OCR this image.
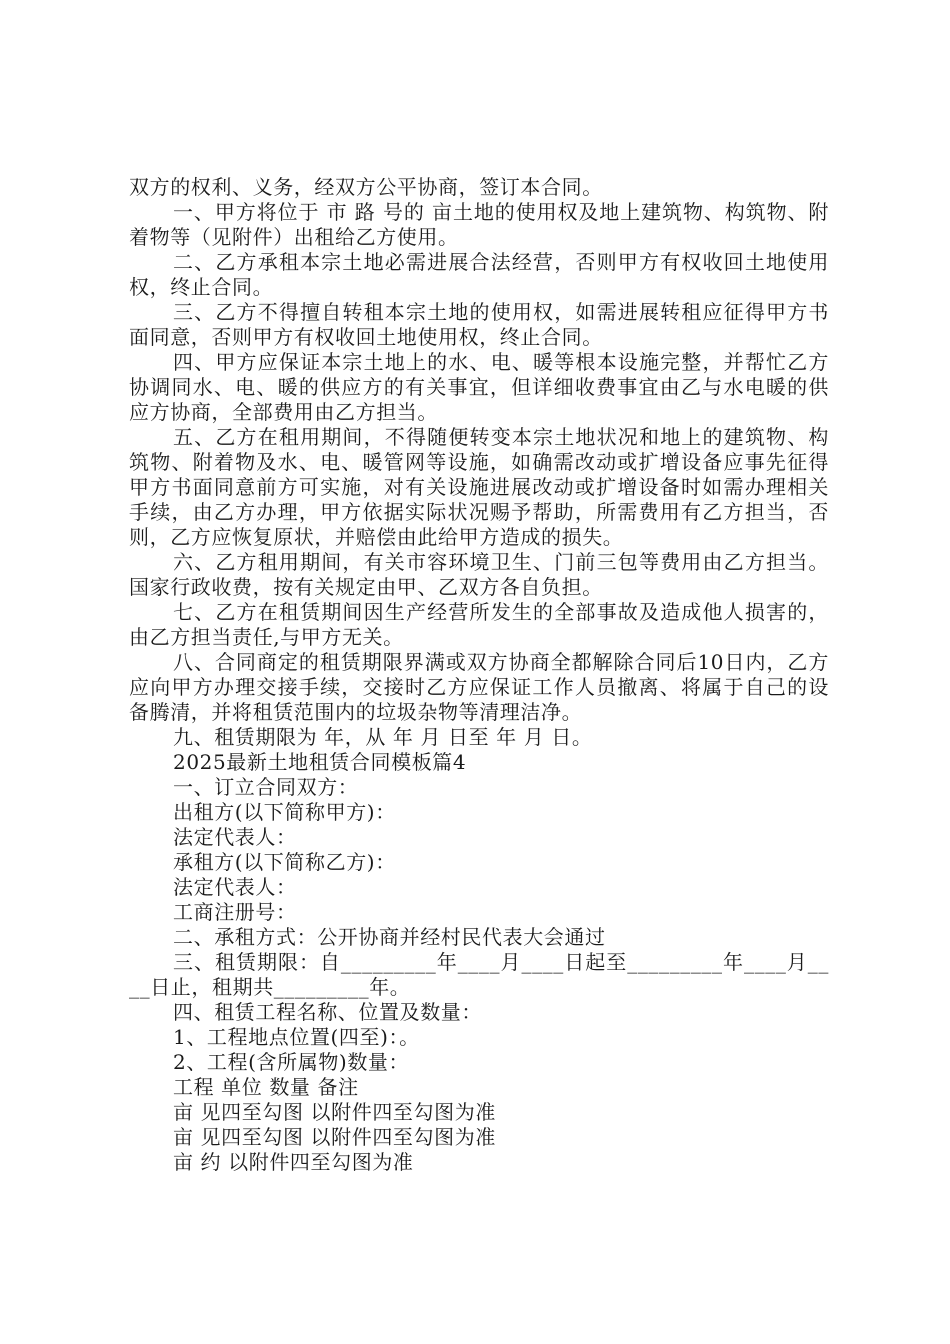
双方的权利、义务，经双方公平协商，签订本合同。

一、甲方将位于 市 路 号的 亩土地的使用权及地上建筑物、构筑物、附着物等（见附件）出租给乙方使用。

二、乙方承租本宗土地必需进展合法经营，否则甲方有权收回土地使用权，终止合同。

三、乙方不得擅自转租本宗土地的使用权，如需进展转租应征得甲方书面同意，否则甲方有权收回土地使用权，终止合同。

四、甲方应保证本宗土地上的水、电、暖等根本设施完整，并帮忙乙方协调同水、电、暖的供应方的有关事宜，但详细收费事宜由乙与水电暖的供应方协商，全部费用由乙方担当。

五、乙方在租用期间，不得随便转变本宗土地状况和地上的建筑物、构筑物、附着物及水、电、暖管网等设施，如确需改动或扩增设备应事先征得甲方书面同意前方可实施，对有关设施进展改动或扩增设备时如需办理相关手续，由乙方办理，甲方依据实际状况赐予帮助，所需费用有乙方担当，否则，乙方应恢复原状，并赔偿由此给甲方造成的损失。

六、乙方租用期间，有关市容环境卫生、门前三包等费用由乙方担当。国家行政收费，按有关规定由甲、乙双方各自负担。

七、乙方在租赁期间因生产经营所发生的全部事故及造成他人损害的，由乙方担当责任,与甲方无关。

八、合同商定的租赁期限界满或双方协商全都解除合同后10日内，乙方应向甲方办理交接手续，交接时乙方应保证工作人员撤离、将属于自己的设备腾清，并将租赁范围内的垃圾杂物等清理洁净。

九、租赁期限为 年，从 年 月 日至 年 月 日。

2025最新土地租赁合同模板篇4

一、订立合同双方：

出租方(以下简称甲方)：

法定代表人：

承租方(以下简称乙方)：

法定代表人：

工商注册号：

二、承租方式：公开协商并经村民代表大会通过

三、租赁期限：自_________年____月____日起至_________年____月____日止，租期共_________年。

四、租赁工程名称、位置及数量：

1、工程地点位置(四至)：。

2、工程(含所属物)数量：

工程 单位 数量 备注

亩 见四至勾图 以附件四至勾图为准

亩 见四至勾图 以附件四至勾图为准

亩 约 以附件四至勾图为准
